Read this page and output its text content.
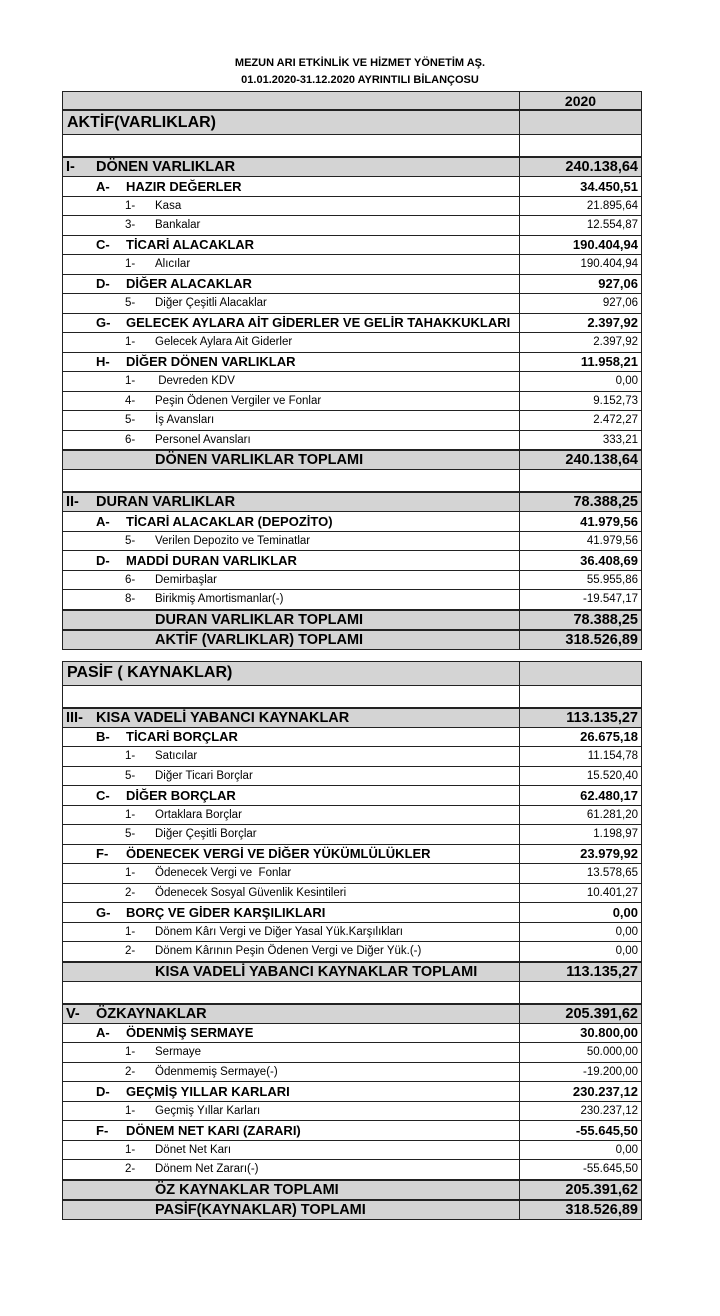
MEZUN ARI ETKİNLİK VE HİZMET YÖNETİM AŞ.
01.01.2020-31.12.2020 AYRINTILI BİLANÇOSU
2020
AKTİF(VARLIKLAR)
I-	DÖNEN VARLIKLAR	240.138,64
A-	HAZIR DEĞERLER	34.450,51
1-	Kasa	21.895,64
3-	Bankalar	12.554,87
C-	TİCARİ ALACAKLAR	190.404,94
1-	Alıcılar	190.404,94
D-	DİĞER ALACAKLAR	927,06
5-	Diğer Çeşitli Alacaklar	927,06
G-	GELECEK AYLARA AİT GİDERLER VE GELİR TAHAKKUKLARI	2.397,92
1-	Gelecek Aylara Ait Giderler	2.397,92
H-	DİĞER DÖNEN VARLIKLAR	11.958,21
1-	Devreden KDV	0,00
4-	Peşin Ödenen Vergiler ve Fonlar	9.152,73
5-	İş Avansları	2.472,27
6-	Personel Avansları	333,21
DÖNEN VARLIKLAR TOPLAMI	240.138,64
II-	DURAN VARLIKLAR	78.388,25
A-	TİCARİ ALACAKLAR (DEPOZİTO)	41.979,56
5-	Verilen Depozito ve Teminatlar	41.979,56
D-	MADDİ DURAN VARLIKLAR	36.408,69
6-	Demirbaşlar	55.955,86
8-	Birikmiş Amortismanlar(-)	-19.547,17
DURAN VARLIKLAR TOPLAMI	78.388,25
AKTİF (VARLIKLAR) TOPLAMI	318.526,89
PASİF ( KAYNAKLAR)
III- KISA VADELİ YABANCI KAYNAKLAR	113.135,27
B-	TİCARİ BORÇLAR	26.675,18
1-	Satıcılar	11.154,78
5-	Diğer Ticari Borçlar	15.520,40
C-	DİĞER BORÇLAR	62.480,17
1-	Ortaklara Borçlar	61.281,20
5-	Diğer Çeşitli Borçlar	1.198,97
F-	ÖDENECEK VERGİ VE DİĞER YÜKÜMLÜLÜKLER	23.979,92
1-	Ödenecek Vergi ve  Fonlar	13.578,65
2-	Ödenecek Sosyal Güvenlik Kesintileri	10.401,27
G-	BORÇ VE GİDER KARŞILIKLARI	0,00
1-	Dönem Kârı Vergi ve Diğer Yasal Yük.Karşılıkları	0,00
2-	Dönem Kârının Peşin Ödenen Vergi ve Diğer Yük.(-)	0,00
KISA VADELİ YABANCI KAYNAKLAR TOPLAMI	113.135,27
V-	ÖZKAYNAKLAR	205.391,62
A-	ÖDENMİŞ SERMAYE	30.800,00
1-	Sermaye	50.000,00
2-	Ödenmemiş Sermaye(-)	-19.200,00
D-	GEÇMİŞ YILLAR KARLARI	230.237,12
1-	Geçmiş Yıllar Karları	230.237,12
F-	DÖNEM NET KARI (ZARARI)	-55.645,50
1-	Dönet Net Karı	0,00
2-	Dönem Net Zararı(-)	-55.645,50
ÖZ KAYNAKLAR TOPLAMI	205.391,62
PASİF(KAYNAKLAR) TOPLAMI	318.526,89
